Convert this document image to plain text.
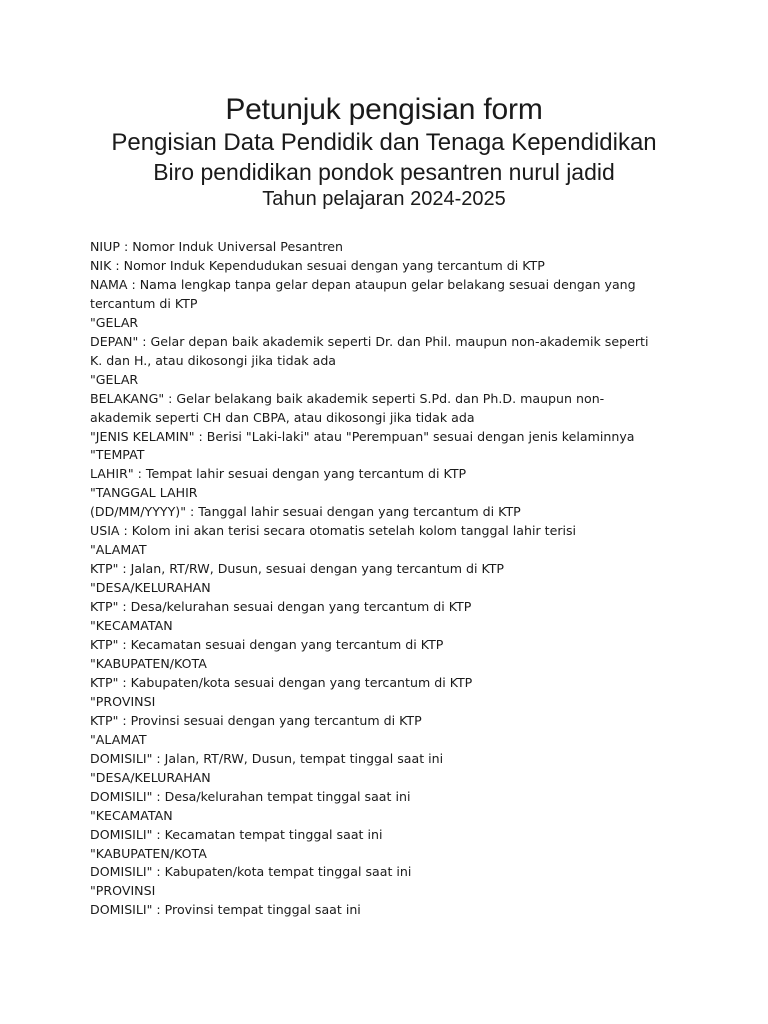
Petunjuk pengisian form
Pengisian Data Pendidik dan Tenaga Kependidikan
Biro pendidikan pondok pesantren nurul jadid
Tahun pelajaran 2024-2025
NIUP : Nomor Induk Universal Pesantren
NIK : Nomor Induk Kependudukan sesuai dengan yang tercantum di KTP
NAMA : Nama lengkap tanpa gelar depan ataupun gelar belakang sesuai dengan yang
tercantum di KTP
"GELAR
DEPAN" : Gelar depan baik akademik seperti Dr. dan Phil. maupun non-akademik seperti
K. dan H., atau dikosongi jika tidak ada
"GELAR
BELAKANG" : Gelar belakang baik akademik seperti S.Pd. dan Ph.D. maupun non-
akademik seperti CH dan CBPA, atau dikosongi jika tidak ada
"JENIS KELAMIN" : Berisi "Laki-laki" atau "Perempuan" sesuai dengan jenis kelaminnya
"TEMPAT
LAHIR" : Tempat lahir sesuai dengan yang tercantum di KTP
"TANGGAL LAHIR
(DD/MM/YYYY)" : Tanggal lahir sesuai dengan yang tercantum di KTP
USIA : Kolom ini akan terisi secara otomatis setelah kolom tanggal lahir terisi
"ALAMAT
KTP" : Jalan, RT/RW, Dusun, sesuai dengan yang tercantum di KTP
"DESA/KELURAHAN
KTP" : Desa/kelurahan sesuai dengan yang tercantum di KTP
"KECAMATAN
KTP" : Kecamatan sesuai dengan yang tercantum di KTP
"KABUPATEN/KOTA
KTP" : Kabupaten/kota sesuai dengan yang tercantum di KTP
"PROVINSI
KTP" : Provinsi sesuai dengan yang tercantum di KTP
"ALAMAT
DOMISILI" : Jalan, RT/RW, Dusun, tempat tinggal saat ini
"DESA/KELURAHAN
DOMISILI" : Desa/kelurahan tempat tinggal saat ini
"KECAMATAN
DOMISILI" : Kecamatan tempat tinggal saat ini
"KABUPATEN/KOTA
DOMISILI" : Kabupaten/kota tempat tinggal saat ini
"PROVINSI
DOMISILI" : Provinsi tempat tinggal saat ini
